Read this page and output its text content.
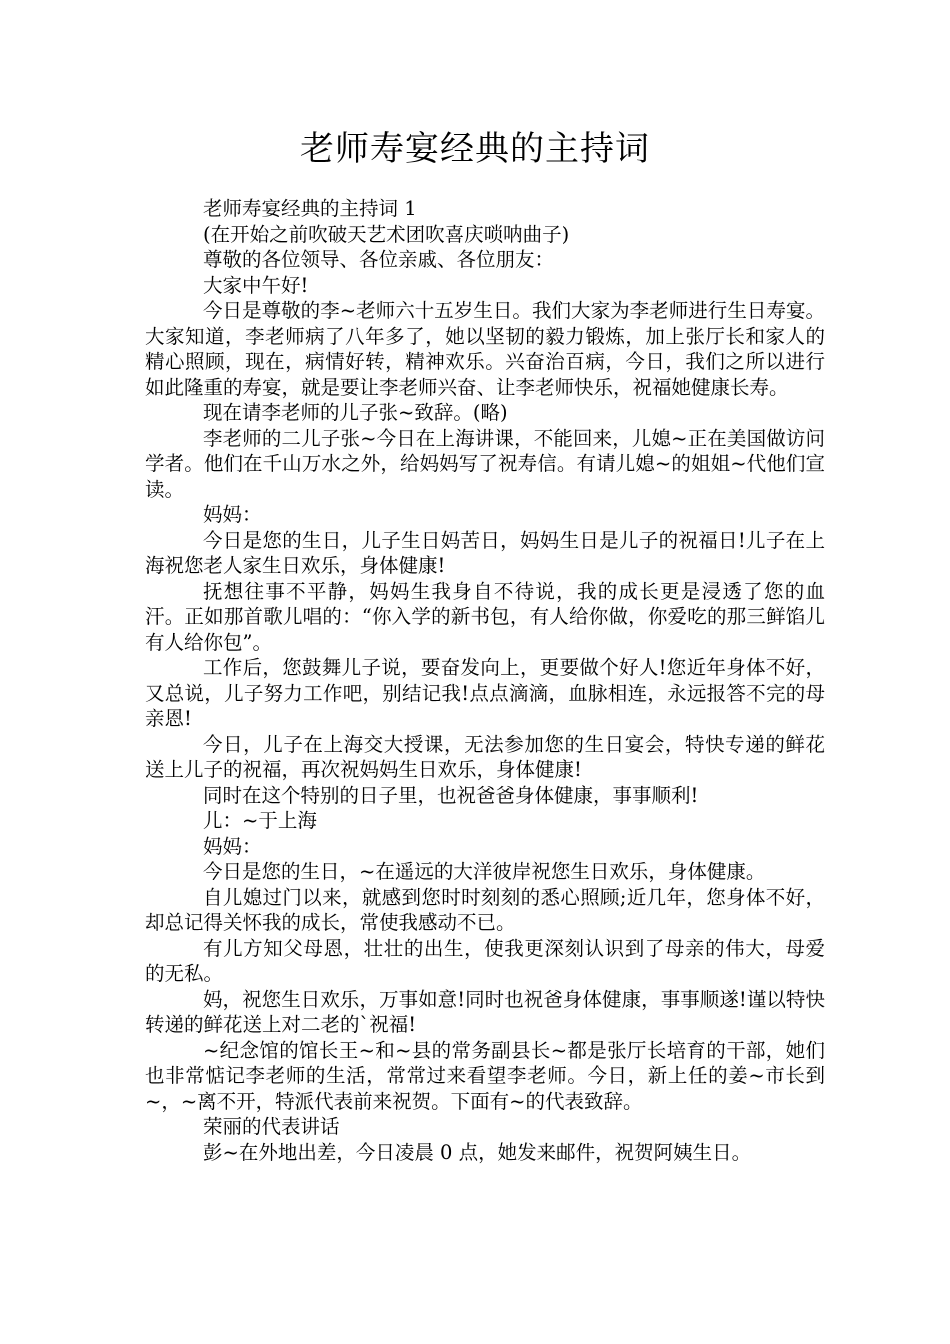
老师寿宴经典的主持词

老师寿宴经典的主持词 1

(在开始之前吹破天艺术团吹喜庆唢呐曲子)

尊敬的各位领导、各位亲戚、各位朋友：

大家中午好!

今日是尊敬的李~老师六十五岁生日。我们大家为李老师进行生日寿宴。大家知道，李老师病了八年多了，她以坚韧的毅力锻炼，加上张厅长和家人的精心照顾，现在，病情好转，精神欢乐。兴奋治百病，今日，我们之所以进行如此隆重的寿宴，就是要让李老师兴奋、让李老师快乐，祝福她健康长寿。

现在请李老师的儿子张~致辞。(略)

李老师的二儿子张~今日在上海讲课，不能回来，儿媳~正在美国做访问学者。他们在千山万水之外，给妈妈写了祝寿信。有请儿媳~的姐姐~代他们宣读。

妈妈：

今日是您的生日，儿子生日妈苦日，妈妈生日是儿子的祝福日!儿子在上海祝您老人家生日欢乐，身体健康!

抚想往事不平静，妈妈生我身自不待说，我的成长更是浸透了您的血汗。正如那首歌儿唱的：“你入学的新书包，有人给你做，你爱吃的那三鲜馅儿有人给你包”。

工作后，您鼓舞儿子说，要奋发向上，更要做个好人!您近年身体不好，又总说，儿子努力工作吧，别结记我!点点滴滴，血脉相连，永远报答不完的母亲恩!

今日，儿子在上海交大授课，无法参加您的生日宴会，特快专递的鲜花送上儿子的祝福，再次祝妈妈生日欢乐，身体健康!

同时在这个特别的日子里，也祝爸爸身体健康，事事顺利!

儿：~于上海

妈妈：

今日是您的生日，~在遥远的大洋彼岸祝您生日欢乐，身体健康。

自儿媳过门以来，就感到您时时刻刻的悉心照顾;近几年，您身体不好，却总记得关怀我的成长，常使我感动不已。

有儿方知父母恩，壮壮的出生，使我更深刻认识到了母亲的伟大，母爱的无私。

妈，祝您生日欢乐，万事如意!同时也祝爸身体健康，事事顺遂!谨以特快转递的鲜花送上对二老的`祝福!

~纪念馆的馆长王~和~县的常务副县长~都是张厅长培育的干部，她们也非常惦记李老师的生活，常常过来看望李老师。今日，新上任的姜~市长到~，~离不开，特派代表前来祝贺。下面有~的代表致辞。

荣丽的代表讲话

彭~在外地出差，今日凌晨 0 点，她发来邮件，祝贺阿姨生日。
